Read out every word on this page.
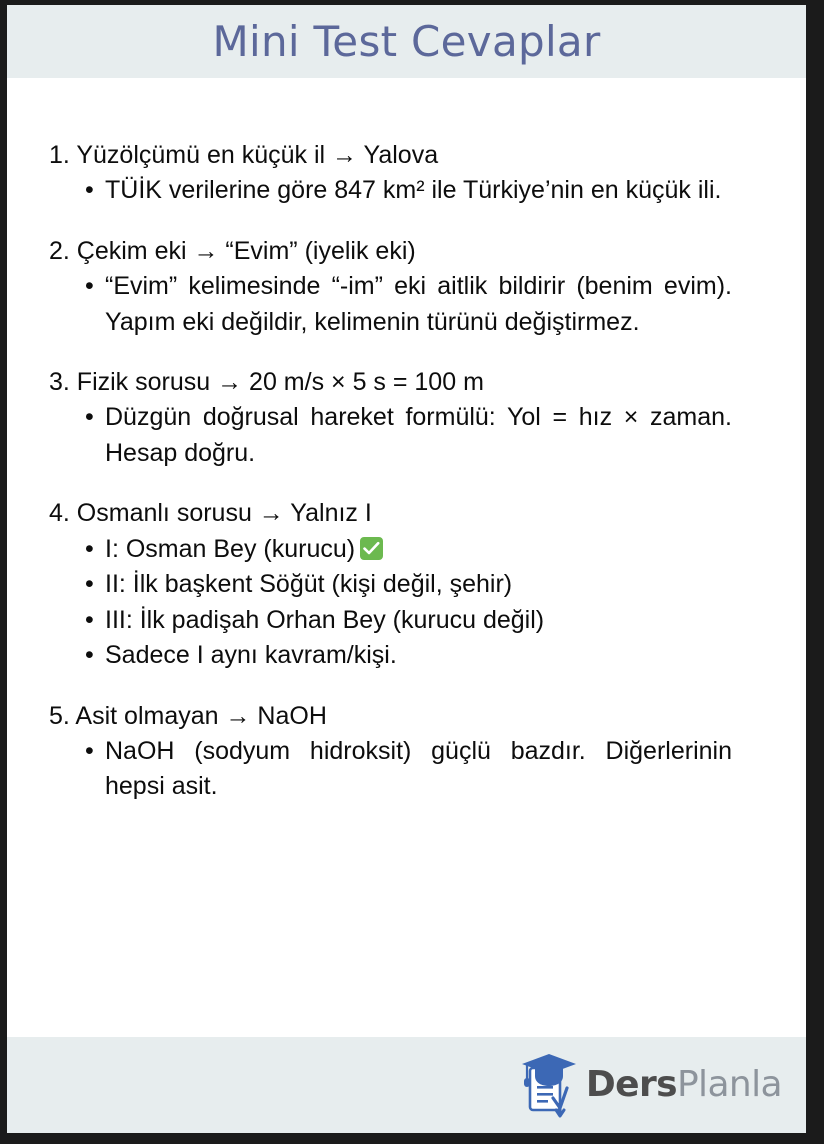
Mini Test Cevaplar
1. Yüzölçümü en küçük il → Yalova
• TÜİK verilerine göre 847 km² ile Türkiye’nin en küçük ili.
2. Çekim eki → “Evim” (iyelik eki)
• “Evim” kelimesinde “-im” eki aitlik bildirir (benim evim). Yapım eki değildir, kelimenin türünü değiştirmez.
3. Fizik sorusu → 20 m/s × 5 s = 100 m
• Düzgün doğrusal hareket formülü: Yol = hız × zaman. Hesap doğru.
4. Osmanlı sorusu → Yalnız I
• I: Osman Bey (kurucu)
• II: İlk başkent Söğüt (kişi değil, şehir)
• III: İlk padişah Orhan Bey (kurucu değil)
• Sadece I aynı kavram/kişi.
5. Asit olmayan → NaOH
• NaOH (sodyum hidroksit) güçlü bazdır. Diğerlerinin hepsi asit.
DersPlanla
